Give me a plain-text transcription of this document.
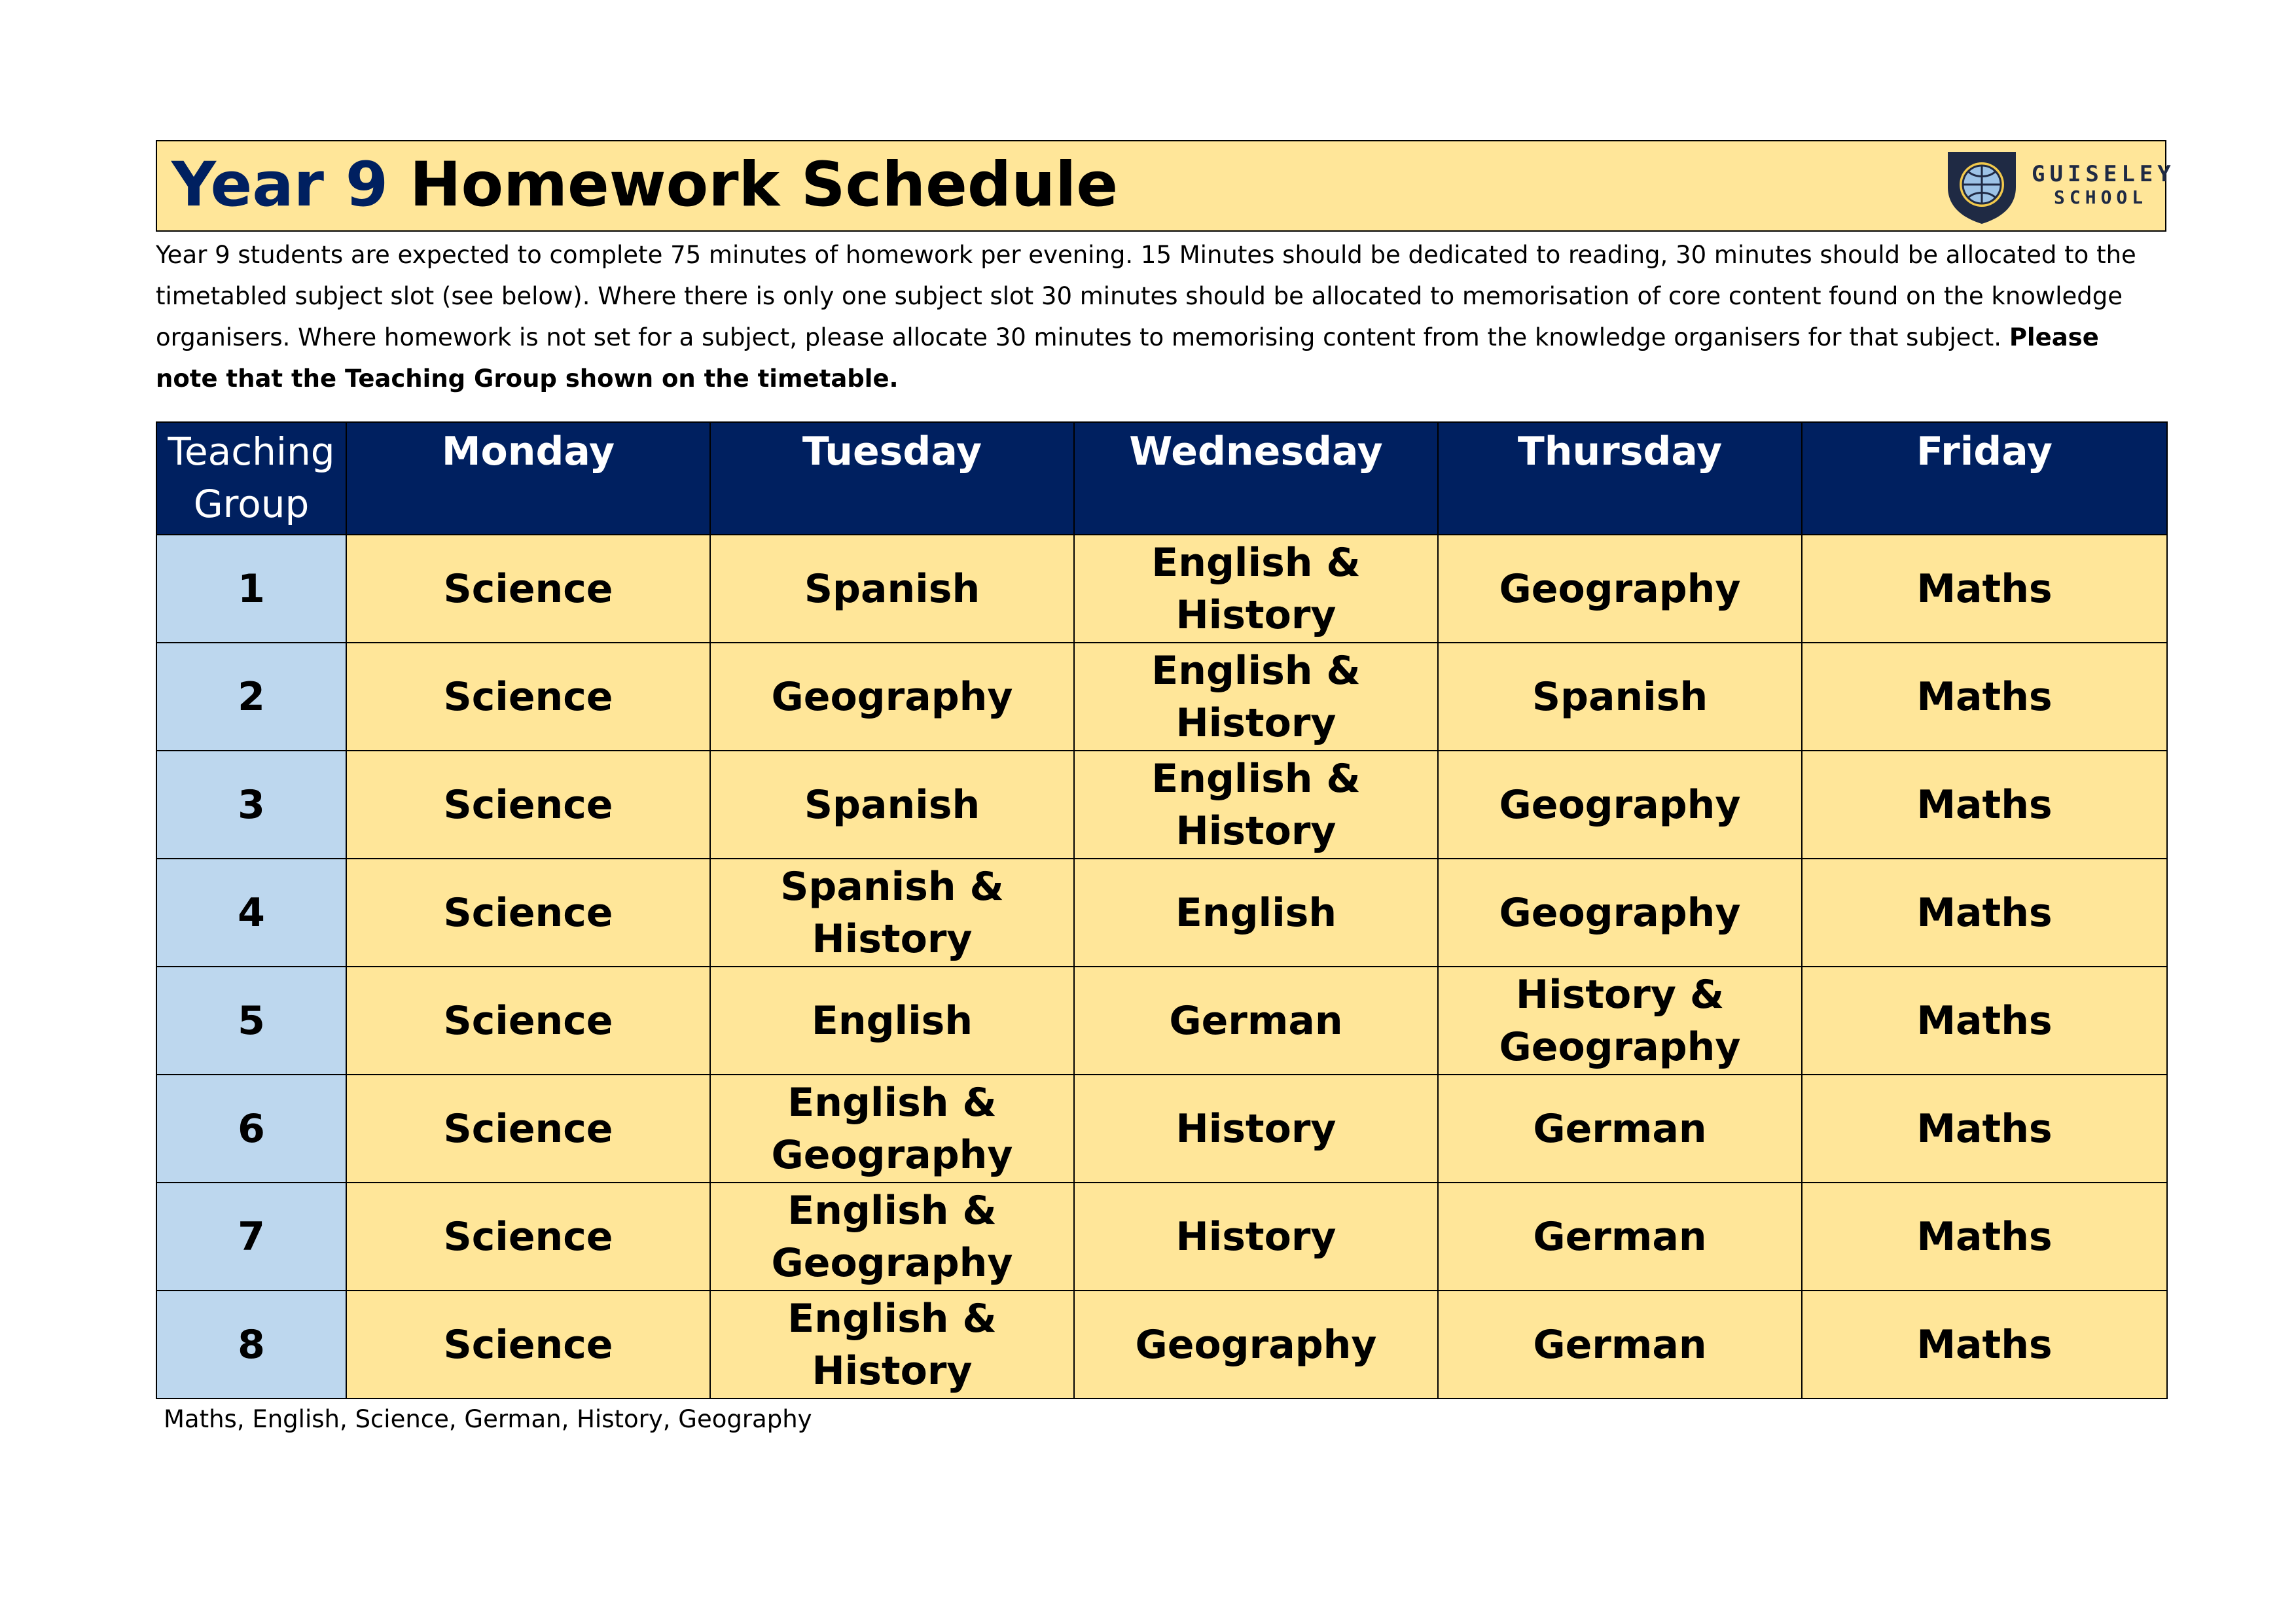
Year 9 Homework Schedule	GUISELEY
SCHOOL
Year 9 students are expected to complete 75 minutes of homework per evening. 15 Minutes should be dedicated to reading, 30 minutes should be allocated to the timetabled subject slot (see below). Where there is only one subject slot 30 minutes should be allocated to memorisation of core content found on the knowledge organisers. Where homework is not set for a subject, please allocate 30 minutes to memorising content from the knowledge organisers for that subject. Please note that the Teaching Group shown on the timetable.
Teaching Group	Monday	Tuesday	Wednesday	Thursday	Friday
1	Science	Spanish	English & History	Geography	Maths
2	Science	Geography	English & History	Spanish	Maths
3	Science	Spanish	English & History	Geography	Maths
4	Science	Spanish & History	English	Geography	Maths
5	Science	English	German	History & Geography	Maths
6	Science	English & Geography	History	German	Maths
7	Science	English & Geography	History	German	Maths
8	Science	English & History	Geography	German	Maths
Maths, English, Science, German, History, Geography
